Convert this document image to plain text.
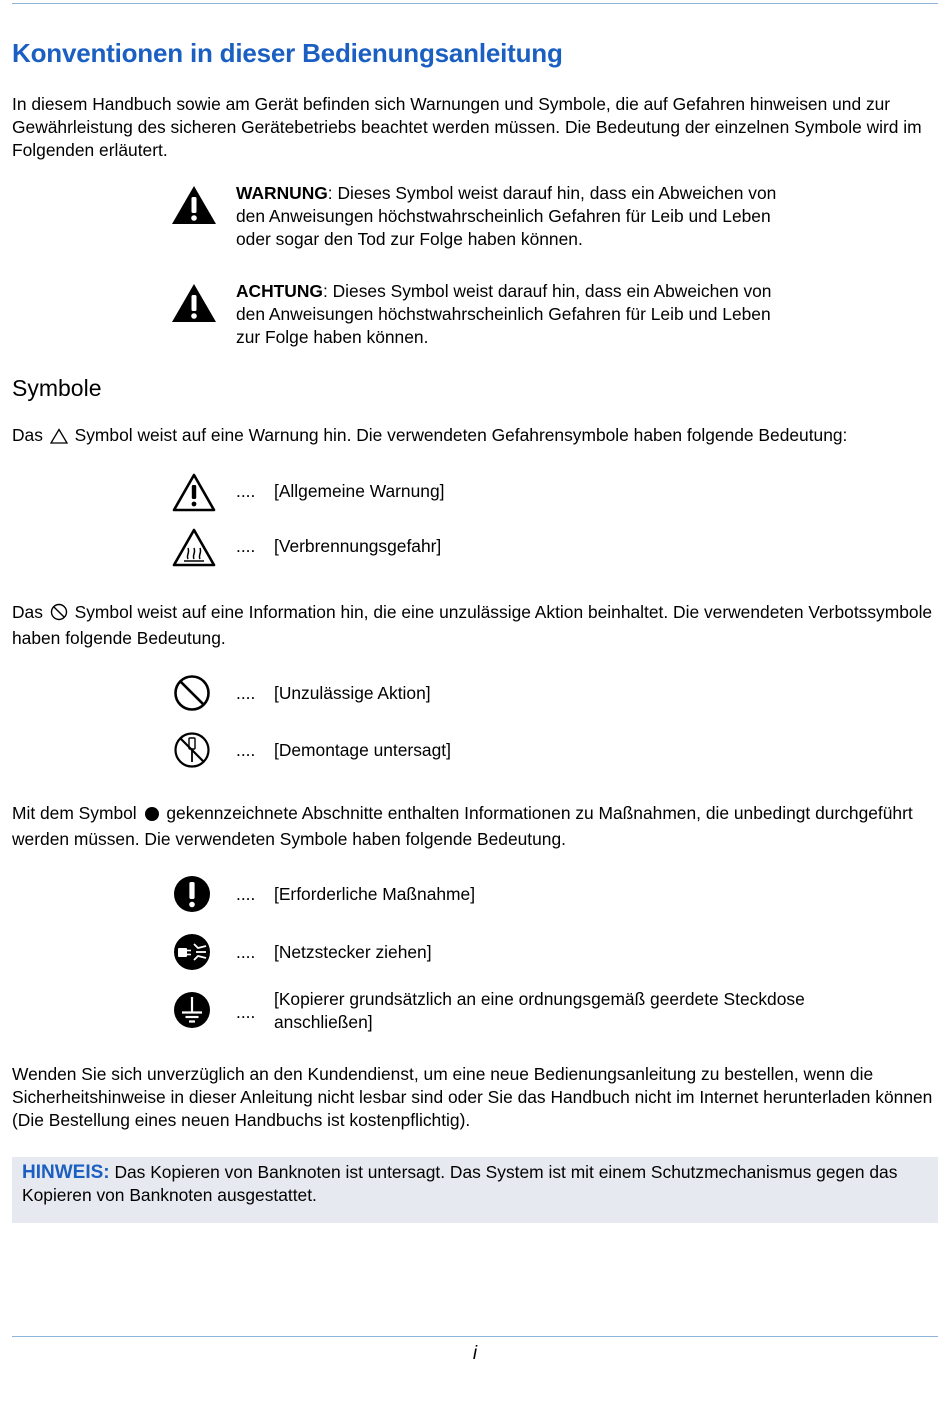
Konventionen in dieser Bedienungsanleitung

In diesem Handbuch sowie am Gerät befinden sich Warnungen und Symbole, die auf Gefahren hinweisen und zur Gewährleistung des sicheren Gerätebetriebs beachtet werden müssen. Die Bedeutung der einzelnen Symbole wird im Folgenden erläutert.

WARNUNG: Dieses Symbol weist darauf hin, dass ein Abweichen von den Anweisungen höchstwahrscheinlich Gefahren für Leib und Leben oder sogar den Tod zur Folge haben können.
ACHTUNG: Dieses Symbol weist darauf hin, dass ein Abweichen von den Anweisungen höchstwahrscheinlich Gefahren für Leib und Leben zur Folge haben können.
Symbole

Das Symbol weist auf eine Warnung hin. Die verwendeten Gefahrensymbole haben folgende Bedeutung:

.... [Allgemeine Warnung]
.... [Verbrennungsgefahr]

Das Symbol weist auf eine Information hin, die eine unzulässige Aktion beinhaltet. Die verwendeten Verbotssymbole haben folgende Bedeutung.

.... [Unzulässige Aktion]
.... [Demontage untersagt]

Mit dem Symbol gekennzeichnete Abschnitte enthalten Informationen zu Maßnahmen, die unbedingt durchgeführt werden müssen. Die verwendeten Symbole haben folgende Bedeutung.

.... [Erforderliche Maßnahme]
.... [Netzstecker ziehen]
....
[Kopierer grundsätzlich an eine ordnungsgemäß geerdete Steckdose anschließen]

Wenden Sie sich unverzüglich an den Kundendienst, um eine neue Bedienungsanleitung zu bestellen, wenn die Sicherheitshinweise in dieser Anleitung nicht lesbar sind oder Sie das Handbuch nicht im Internet herunterladen können (Die Bestellung eines neuen Handbuchs ist kostenpflichtig).

HINWEIS: Das Kopieren von Banknoten ist untersagt. Das System ist mit einem Schutzmechanismus gegen das Kopieren von Banknoten ausgestattet.
i
